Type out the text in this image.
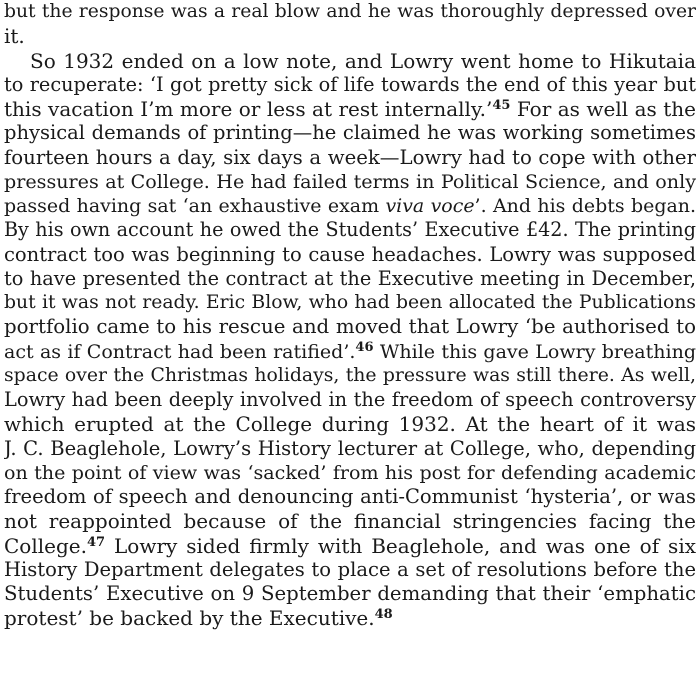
but the response was a real blow and he was thoroughly depressed over
it.
So 1932 ended on a low note, and Lowry went home to Hikutaia
to recuperate: ‘I got pretty sick of life towards the end of this year but
this vacation I’m more or less at rest internally.’$^{45}$ For as well as the
physical demands of printing—he claimed he was working sometimes
fourteen hours a day, six days a week—Lowry had to cope with other
pressures at College. He had failed terms in Political Science, and only
passed having sat ‘an exhaustive exam viva voce’. And his debts began.
By his own account he owed the Students’ Executive £42. The printing
contract too was beginning to cause headaches. Lowry was supposed
to have presented the contract at the Executive meeting in December,
but it was not ready. Eric Blow, who had been allocated the Publications
portfolio came to his rescue and moved that Lowry ‘be authorised to
act as if Contract had been ratified’.$^{46}$ While this gave Lowry breathing
space over the Christmas holidays, the pressure was still there. As well,
Lowry had been deeply involved in the freedom of speech controversy
which erupted at the College during 1932. At the heart of it was
J. C. Beaglehole, Lowry’s History lecturer at College, who, depending
on the point of view was ‘sacked’ from his post for defending academic
freedom of speech and denouncing anti-Communist ‘hysteria’, or was
not reappointed because of the financial stringencies facing the
College.$^{47}$ Lowry sided firmly with Beaglehole, and was one of six
History Department delegates to place a set of resolutions before the
Students’ Executive on 9 September demanding that their ‘emphatic
protest’ be backed by the Executive.$^{48}$
